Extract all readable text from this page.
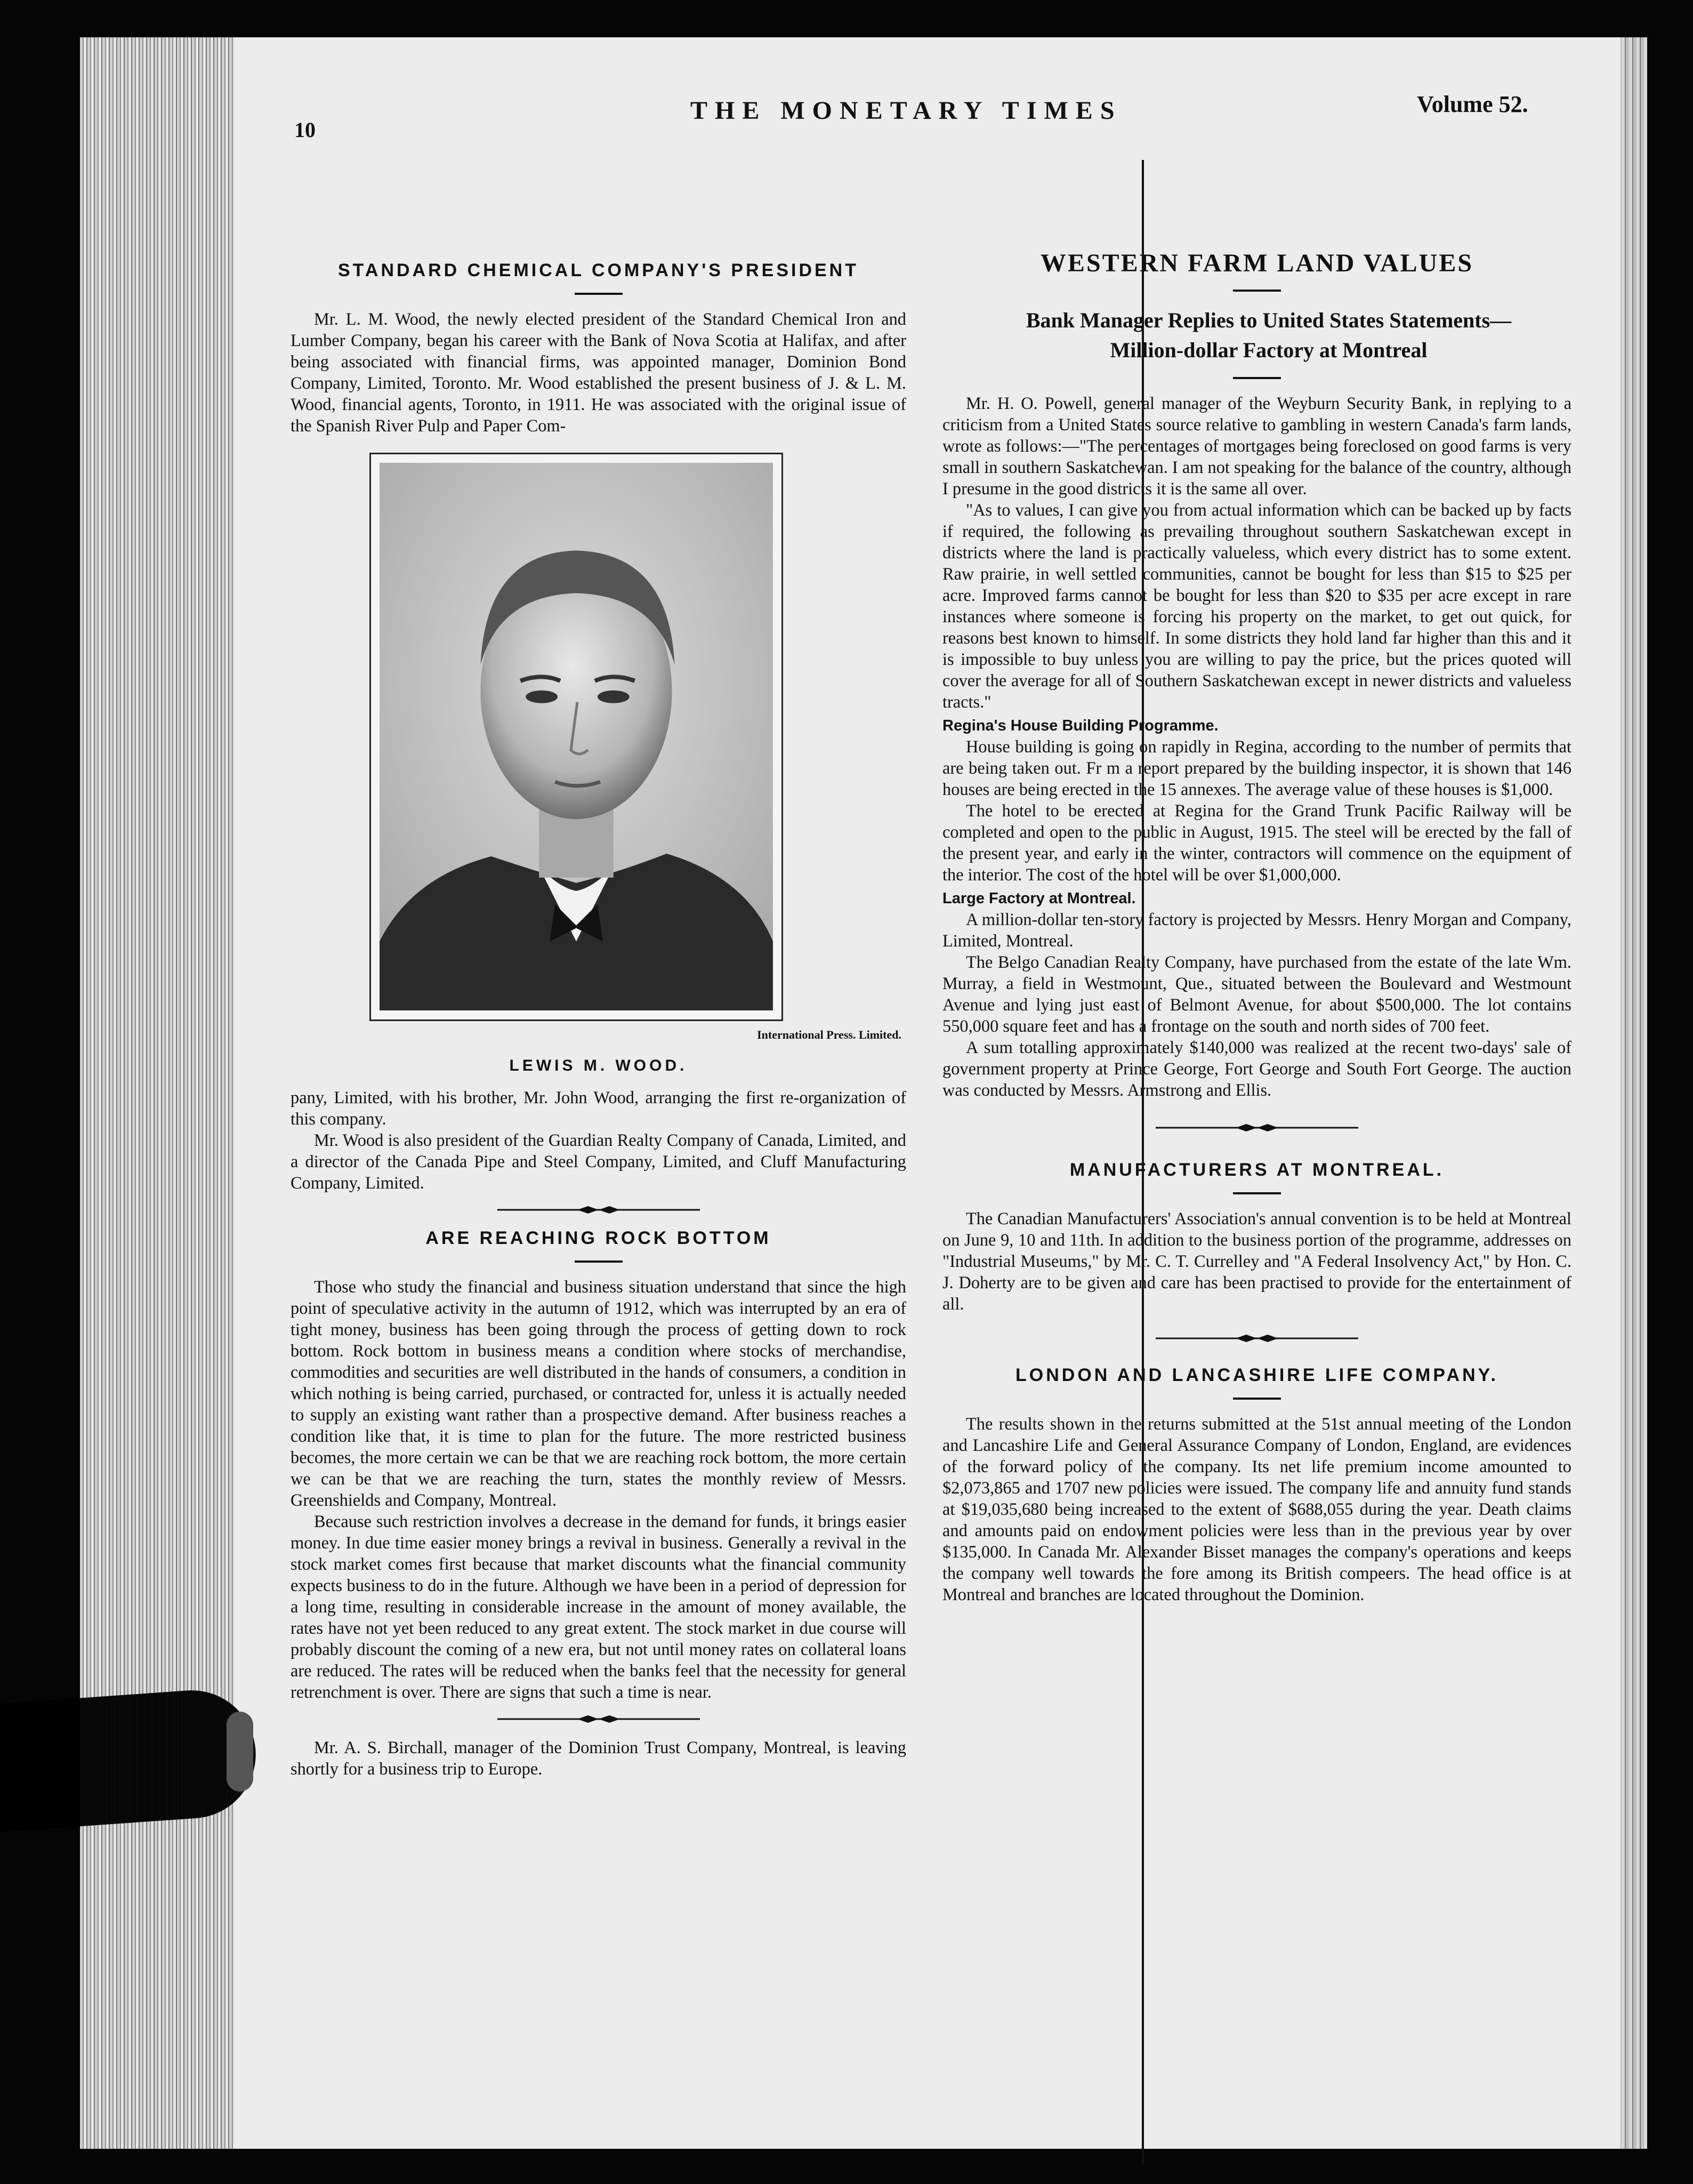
10
THE MONETARY TIMES	Volume 52.
STANDARD CHEMICAL COMPANY'S PRESIDENT

Mr. L. M. Wood, the newly elected president of the Standard Chemical Iron and Lumber Company, began his career with the Bank of Nova Scotia at Halifax, and after being associated with financial firms, was appointed manager, Dominion Bond Company, Limited, Toronto. Mr. Wood established the present business of J. & L. M. Wood, financial agents, Toronto, in 1911. He was associated with the original issue of the Spanish River Pulp and Paper Com-

International Press. Limited.

LEWIS M. WOOD.

pany, Limited, with his brother, Mr. John Wood, arranging the first re-organization of this company.

Mr. Wood is also president of the Guardian Realty Company of Canada, Limited, and a director of the Canada Pipe and Steel Company, Limited, and Cluff Manufacturing Company, Limited.

ARE REACHING ROCK BOTTOM

Those who study the financial and business situation understand that since the high point of speculative activity in the autumn of 1912, which was interrupted by an era of tight money, business has been going through the process of getting down to rock bottom. Rock bottom in business means a condition where stocks of merchandise, commodities and securities are well distributed in the hands of consumers, a condition in which nothing is being carried, purchased, or contracted for, unless it is actually needed to supply an existing want rather than a prospective demand. After business reaches a condition like that, it is time to plan for the future. The more restricted business becomes, the more certain we can be that we are reaching rock bottom, the more certain we can be that we are reaching the turn, states the monthly review of Messrs. Greenshields and Company, Montreal.

Because such restriction involves a decrease in the demand for funds, it brings easier money. In due time easier money brings a revival in business. Generally a revival in the stock market comes first because that market discounts what the financial community expects business to do in the future. Although we have been in a period of depression for a long time, resulting in considerable increase in the amount of money available, the rates have not yet been reduced to any great extent. The stock market in due course will probably discount the coming of a new era, but not until money rates on collateral loans are reduced. The rates will be reduced when the banks feel that the necessity for general retrenchment is over. There are signs that such a time is near.

Mr. A. S. Birchall, manager of the Dominion Trust Company, Montreal, is leaving shortly for a business trip to Europe.

WESTERN FARM LAND VALUES

Bank Manager Replies to United States Statements—

Million-dollar Factory at Montreal

Mr. H. O. Powell, general manager of the Weyburn Security Bank, in replying to a criticism from a United States source relative to gambling in western Canada's farm lands, wrote as follows:—"The percentages of mortgages being foreclosed on good farms is very small in southern Saskatchewan. I am not speaking for the balance of the country, although I presume in the good districts it is the same all over.

"As to values, I can give you from actual information which can be backed up by facts if required, the following as prevailing throughout southern Saskatchewan except in districts where the land is practically valueless, which every district has to some extent. Raw prairie, in well settled communities, cannot be bought for less than $15 to $25 per acre. Improved farms cannot be bought for less than $20 to $35 per acre except in rare instances where someone is forcing his property on the market, to get out quick, for reasons best known to himself. In some districts they hold land far higher than this and it is impossible to buy unless you are willing to pay the price, but the prices quoted will cover the average for all of Southern Saskatchewan except in newer districts and valueless tracts."

Regina's House Building Programme.

House building is going on rapidly in Regina, according to the number of permits that are being taken out. Fr m a report prepared by the building inspector, it is shown that 146 houses are being erected in the 15 annexes. The average value of these houses is $1,000.

The hotel to be erected at Regina for the Grand Trunk Pacific Railway will be completed and open to the public in August, 1915. The steel will be erected by the fall of the present year, and early in the winter, contractors will commence on the equipment of the interior. The cost of the hotel will be over $1,000,000.

Large Factory at Montreal.

A million-dollar ten-story factory is projected by Messrs. Henry Morgan and Company, Limited, Montreal.

The Belgo Canadian Realty Company, have purchased from the estate of the late Wm. Murray, a field in Westmount, Que., situated between the Boulevard and Westmount Avenue and lying just east of Belmont Avenue, for about $500,000. The lot contains 550,000 square feet and has a frontage on the south and north sides of 700 feet.

A sum totalling approximately $140,000 was realized at the recent two-days' sale of government property at Prince George, Fort George and South Fort George. The auction was conducted by Messrs. Armstrong and Ellis.

MANUFACTURERS AT MONTREAL.

The Canadian Manufacturers' Association's annual convention is to be held at Montreal on June 9, 10 and 11th. In addition to the business portion of the programme, addresses on "Industrial Museums," by Mr. C. T. Currelley and "A Federal Insolvency Act," by Hon. C. J. Doherty are to be given and care has been practised to provide for the entertainment of all.

LONDON AND LANCASHIRE LIFE COMPANY.

The results shown in the returns submitted at the 51st annual meeting of the London and Lancashire Life and General Assurance Company of London, England, are evidences of the forward policy of the company. Its net life premium income amounted to $2,073,865 and 1707 new policies were issued. The company life and annuity fund stands at $19,035,680 being increased to the extent of $688,055 during the year. Death claims and amounts paid on endowment policies were less than in the previous year by over $135,000. In Canada Mr. Alexander Bisset manages the company's operations and keeps the company well towards the fore among its British compeers. The head office is at Montreal and branches are located throughout the Dominion.
